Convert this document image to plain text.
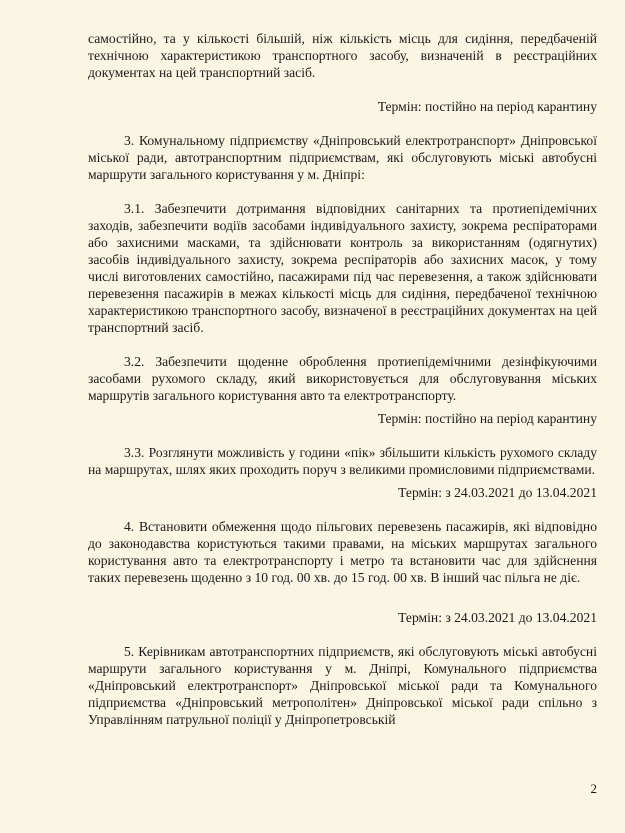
самостійно, та у кількості більшій, ніж кількість місць для сидіння, передбаченій технічною характеристикою транспортного засобу, визначеній в реєстраційних документах на цей транспортний засіб.

Термін: постійно на період карантину

3. Комунальному підприємству «Дніпровський електротранспорт» Дніпровської міської ради, автотранспортним підприємствам, які обслуговують міські автобусні маршрути загального користування у м. Дніпрі:

3.1. Забезпечити дотримання відповідних санітарних та протиепідемічних заходів, забезпечити водіїв засобами індивідуального захисту, зокрема респіраторами або захисними масками, та здійснювати контроль за використанням (одягнутих) засобів індивідуального захисту, зокрема респіраторів або захисних масок, у тому числі виготовлених самостійно, пасажирами під час перевезення, а також здійснювати перевезення пасажирів в межах кількості місць для сидіння, передбаченої технічною характеристикою транспортного засобу, визначеної в реєстраційних документах на цей транспортний засіб.

3.2. Забезпечити щоденне оброблення протиепідемічними дезінфікуючими засобами рухомого складу, який використовується для обслуговування міських маршрутів загального користування авто та електротранспорту.

Термін: постійно на період карантину

3.3. Розглянути можливість у години «пік» збільшити кількість рухомого складу на маршрутах, шлях яких проходить поруч з великими промисловими підприємствами.

Термін: з 24.03.2021 до 13.04.2021

4. Встановити обмеження щодо пільгових перевезень пасажирів, які відповідно до законодавства користуються такими правами, на міських маршрутах загального користування авто та електротранспорту і метро та встановити час для здійснення таких перевезень щоденно з 10 год. 00 хв. до 15 год. 00 хв. В інший час пільга не діє.

Термін: з 24.03.2021 до 13.04.2021

5. Керівникам автотранспортних підприємств, які обслуговують міські автобусні маршрути загального користування у м. Дніпрі, Комунального підприємства «Дніпровський електротранспорт» Дніпровської міської ради та Комунального підприємства «Дніпровський метрополітен» Дніпровської міської ради спільно з Управлінням патрульної поліції у Дніпропетровській

2
